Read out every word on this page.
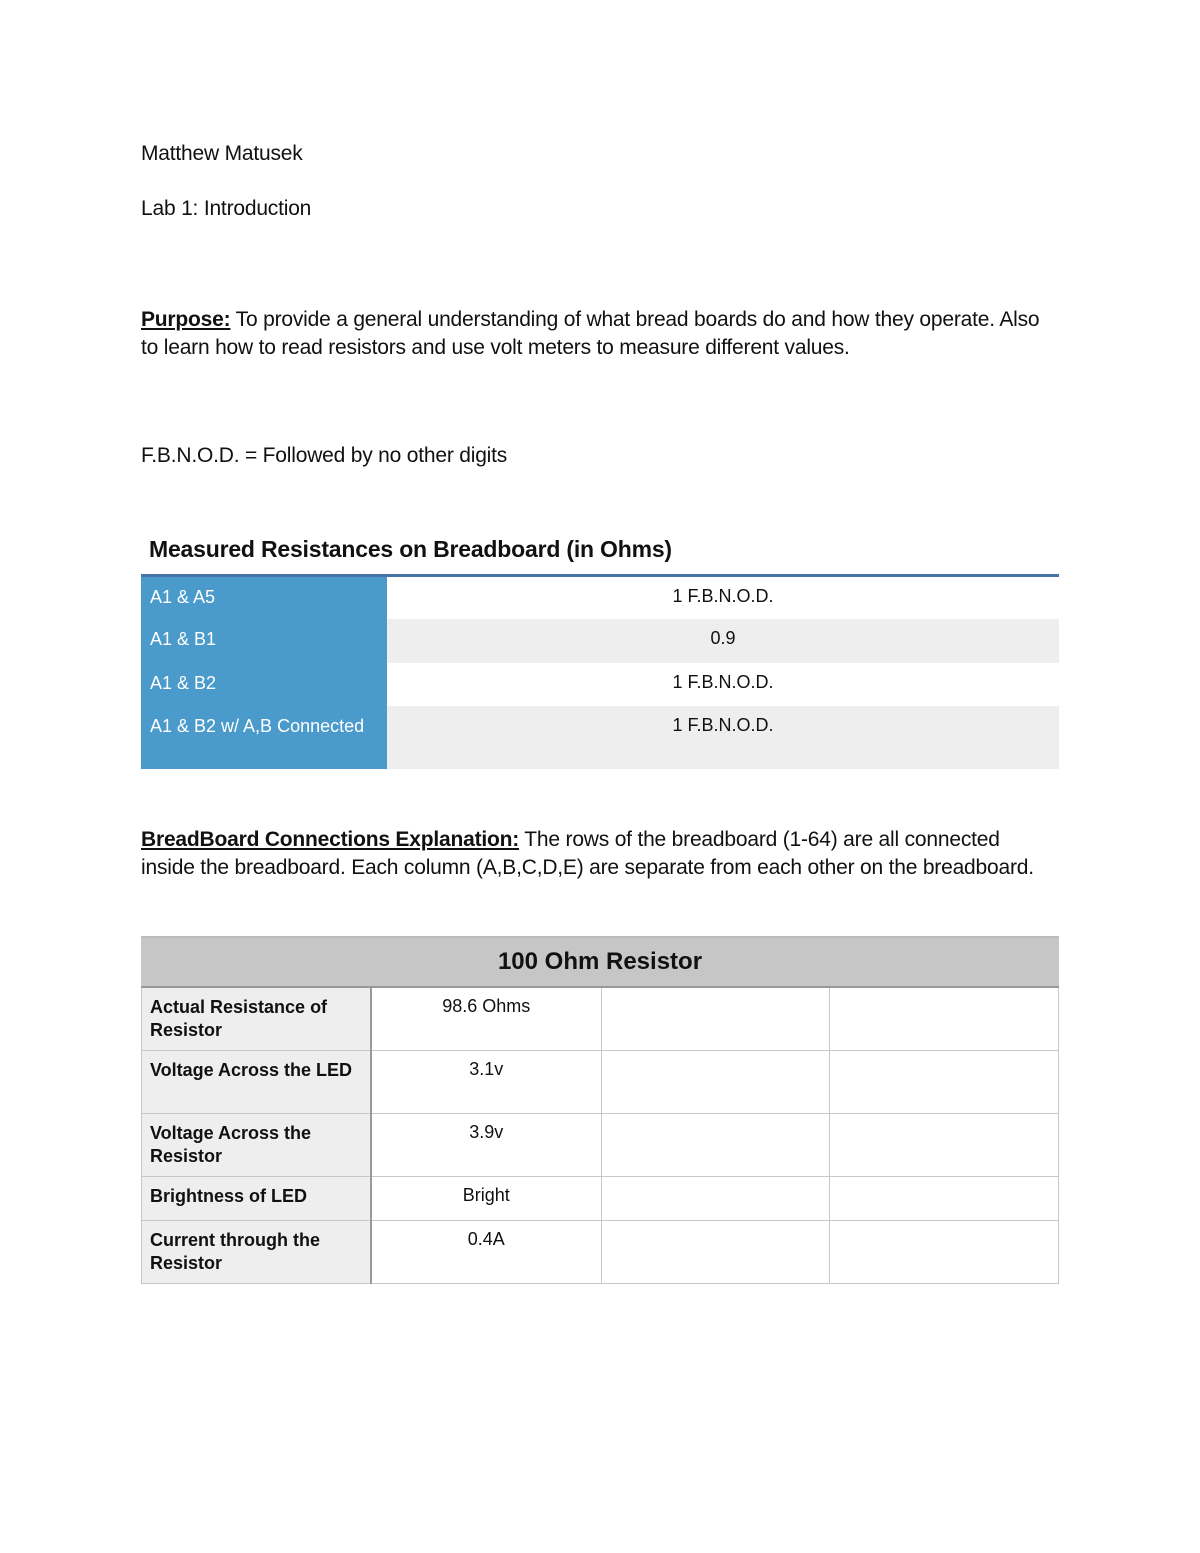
Matthew Matusek
Lab 1: Introduction
Purpose: To provide a general understanding of what bread boards do and how they operate. Also to learn how to read resistors and use volt meters to measure different values.
F.B.N.O.D. = Followed by no other digits
Measured Resistances on Breadboard (in Ohms)
A1 & A5	1 F.B.N.O.D.
A1 & B1	0.9
A1 & B2	1 F.B.N.O.D.
A1 & B2 w/ A,B Connected	1 F.B.N.O.D.
BreadBoard Connections Explanation: The rows of the breadboard (1-64) are all connected inside the breadboard. Each column (A,B,C,D,E) are separate from each other on the breadboard.
100 Ohm Resistor			
Actual Resistance of Resistor	98.6 Ohms		
Voltage Across the LED	3.1v		
Voltage Across the Resistor	3.9v		
Brightness of LED	Bright		
Current through the Resistor	0.4A		
